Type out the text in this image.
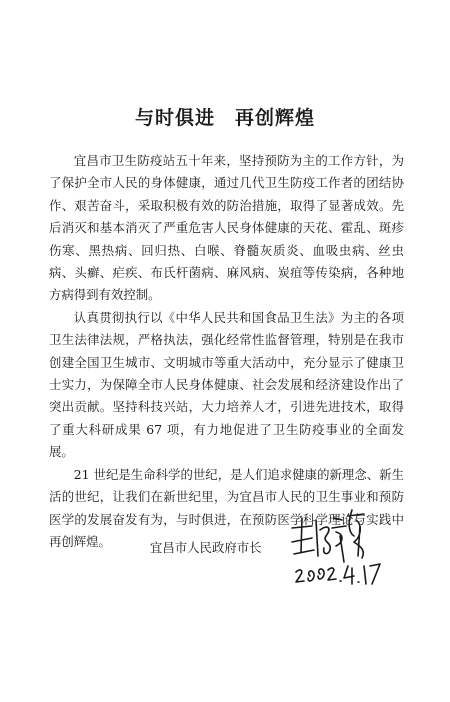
与时俱进　再创辉煌

宜昌市卫生防疫站五十年来，坚持预防为主的工作方针，为了保护全市人民的身体健康，通过几代卫生防疫工作者的团结协作、艰苦奋斗，采取积极有效的防治措施，取得了显著成效。先后消灭和基本消灭了严重危害人民身体健康的天花、霍乱、斑疹伤寒、黑热病、回归热、白喉、脊髓灰质炎、血吸虫病、丝虫病、头癣、疟疾、布氏杆菌病、麻风病、炭疽等传染病，各种地方病得到有效控制。

认真贯彻执行以《中华人民共和国食品卫生法》为主的各项卫生法律法规，严格执法，强化经常性监督管理，特别是在我市创建全国卫生城市、文明城市等重大活动中，充分显示了健康卫士实力，为保障全市人民身体健康、社会发展和经济建设作出了突出贡献。坚持科技兴站，大力培养人才，引进先进技术，取得了重大科研成果 67 项，有力地促进了卫生防疫事业的全面发展。

21 世纪是生命科学的世纪，是人们追求健康的新理念、新生活的世纪，让我们在新世纪里，为宜昌市人民的卫生事业和预防医学的发展奋发有为，与时俱进，在预防医学科学理论与实践中再创辉煌。	宜昌市人民政府市长
